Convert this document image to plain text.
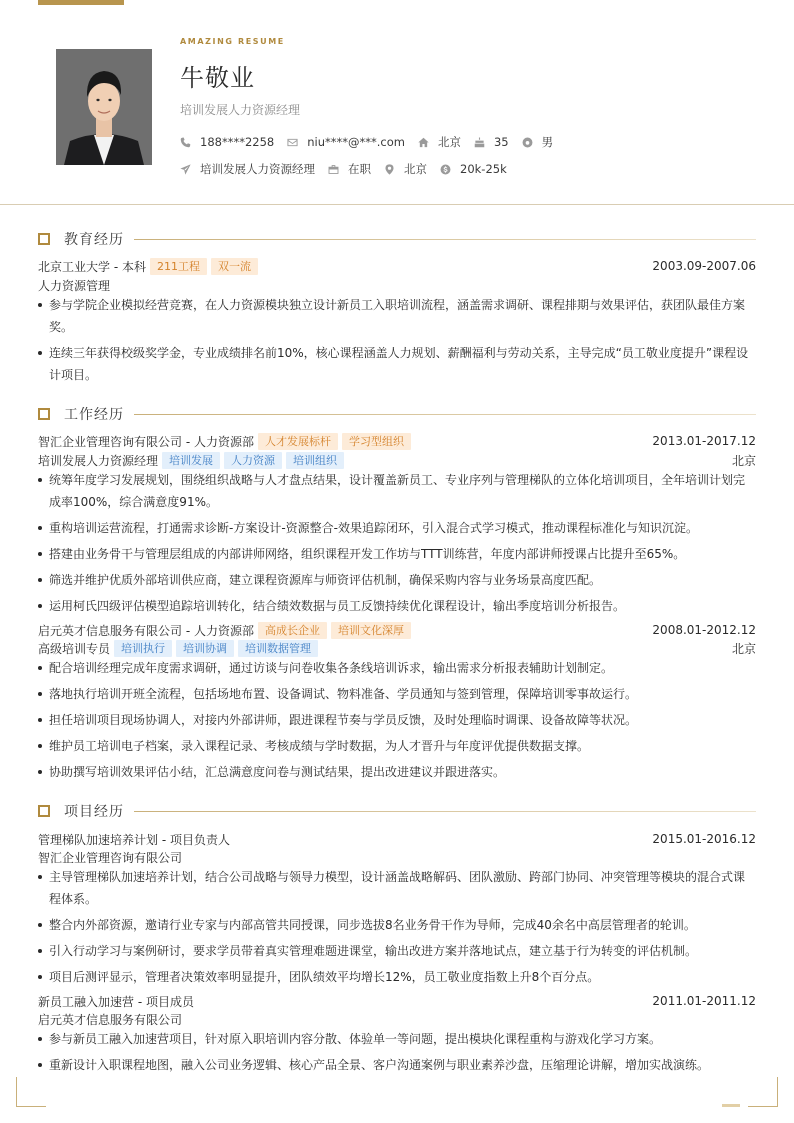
AMAZING RESUME
牛敬业
培训发展人力资源经理
188****2258	niu****@***.com	北京	35	男
培训发展人力资源经理	在职	北京	20k-25k
教育经历
北京工业大学 - 本科	211工程	双一流	2003.09-2007.06
人力资源管理
参与学院企业模拟经营竞赛，在人力资源模块独立设计新员工入职培训流程，涵盖需求调研、课程排期与效果评估，获团队最佳方案奖。
连续三年获得校级奖学金，专业成绩排名前10%，核心课程涵盖人力规划、薪酬福利与劳动关系，主导完成“员工敬业度提升”课程设计项目。
工作经历
智汇企业管理咨询有限公司 - 人力资源部	人才发展标杆	学习型组织	2013.01-2017.12
培训发展人力资源经理	培训发展	人力资源	培训组织	北京
统筹年度学习发展规划，围绕组织战略与人才盘点结果，设计覆盖新员工、专业序列与管理梯队的立体化培训项目，全年培训计划完成率100%，综合满意度91%。
重构培训运营流程，打通需求诊断-方案设计-资源整合-效果追踪闭环，引入混合式学习模式，推动课程标准化与知识沉淀。
搭建由业务骨干与管理层组成的内部讲师网络，组织课程开发工作坊与TTT训练营，年度内部讲师授课占比提升至65%。
筛选并维护优质外部培训供应商，建立课程资源库与师资评估机制，确保采购内容与业务场景高度匹配。
运用柯氏四级评估模型追踪培训转化，结合绩效数据与员工反馈持续优化课程设计，输出季度培训分析报告。
启元英才信息服务有限公司 - 人力资源部	高成长企业	培训文化深厚	2008.01-2012.12
高级培训专员	培训执行	培训协调	培训数据管理	北京
配合培训经理完成年度需求调研，通过访谈与问卷收集各条线培训诉求，输出需求分析报表辅助计划制定。
落地执行培训开班全流程，包括场地布置、设备调试、物料准备、学员通知与签到管理，保障培训零事故运行。
担任培训项目现场协调人，对接内外部讲师，跟进课程节奏与学员反馈，及时处理临时调课、设备故障等状况。
维护员工培训电子档案，录入课程记录、考核成绩与学时数据，为人才晋升与年度评优提供数据支撑。
协助撰写培训效果评估小结，汇总满意度问卷与测试结果，提出改进建议并跟进落实。
项目经历
管理梯队加速培养计划 - 项目负责人	2015.01-2016.12
智汇企业管理咨询有限公司
主导管理梯队加速培养计划，结合公司战略与领导力模型，设计涵盖战略解码、团队激励、跨部门协同、冲突管理等模块的混合式课程体系。
整合内外部资源，邀请行业专家与内部高管共同授课，同步选拔8名业务骨干作为导师，完成40余名中高层管理者的轮训。
引入行动学习与案例研讨，要求学员带着真实管理难题进课堂，输出改进方案并落地试点，建立基于行为转变的评估机制。
项目后测评显示，管理者决策效率明显提升，团队绩效平均增长12%，员工敬业度指数上升8个百分点。
新员工融入加速营 - 项目成员	2011.01-2011.12
启元英才信息服务有限公司
参与新员工融入加速营项目，针对原入职培训内容分散、体验单一等问题，提出模块化课程重构与游戏化学习方案。
重新设计入职课程地图，融入公司业务逻辑、核心产品全景、客户沟通案例与职业素养沙盘，压缩理论讲解，增加实战演练。
